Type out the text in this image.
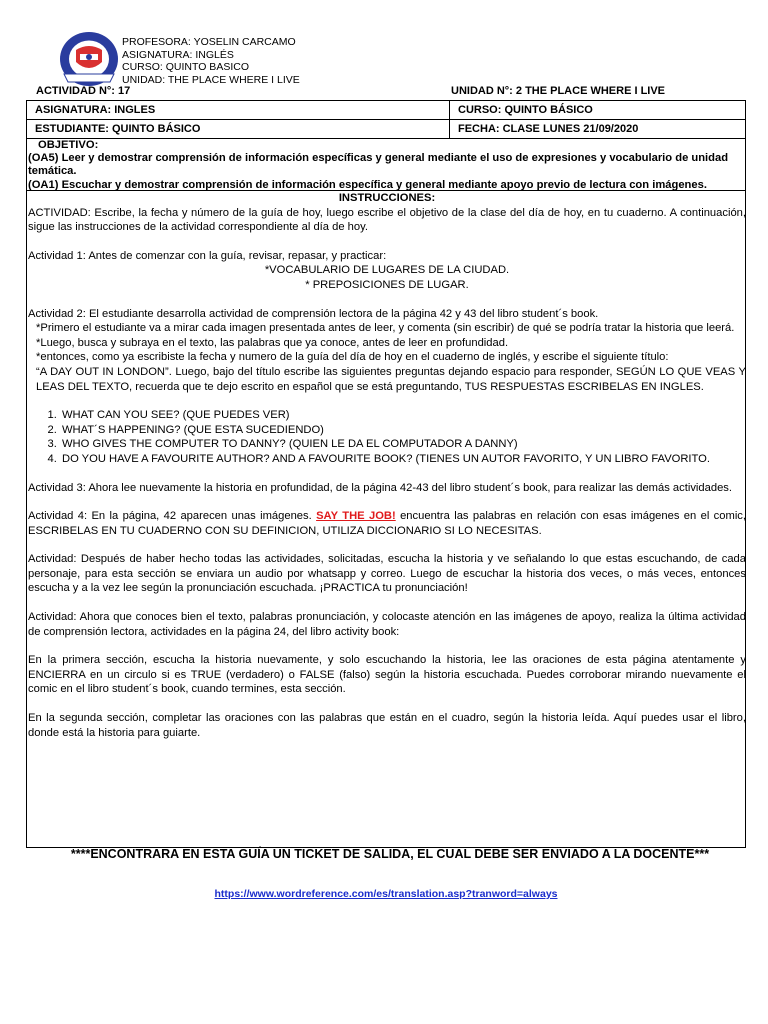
PROFESORA: YOSELIN CARCAMO
ASIGNATURA: INGLÉS
CURSO: QUINTO BASICO
UNIDAD: THE PLACE WHERE I LIVE
ACTIVIDAD N°: 17	UNIDAD N°: 2 THE PLACE WHERE I LIVE
ASIGNATURA: INGLES	CURSO: QUINTO BÁSICO
ESTUDIANTE: QUINTO BÁSICO	FECHA: CLASE LUNES 21/09/2020
OBJETIVO:
(OA5) Leer y demostrar comprensión de información específicas y general mediante el uso de expresiones y vocabulario de unidad temática.
(OA1) Escuchar y demostrar comprensión de información específica y general mediante apoyo previo de lectura con imágenes.

INSTRUCCIONES:

ACTIVIDAD: Escribe, la fecha y número de la guía de hoy, luego escribe el objetivo de la clase del día de hoy, en tu cuaderno. A continuación, sigue las instrucciones de la actividad correspondiente al día de hoy.

Actividad 1: Antes de comenzar con la guía, revisar, repasar, y practicar:

*VOCABULARIO DE LUGARES DE LA CIUDAD.

* PREPOSICIONES DE LUGAR.

Actividad 2: El estudiante desarrolla actividad de comprensión lectora de la página 42 y 43 del libro student´s book.

*Primero el estudiante va a mirar cada imagen presentada antes de leer, y comenta (sin escribir) de qué se podría tratar la historia que leerá.

*Luego, busca y subraya en el texto, las palabras que ya conoce, antes de leer en profundidad.

*entonces, como ya escribiste la fecha y numero de la guía del día de hoy en el cuaderno de inglés, y escribe el siguiente título:

“A DAY OUT IN LONDON”. Luego, bajo del título escribe las siguientes preguntas dejando espacio para responder, SEGÚN LO QUE VEAS Y LEAS DEL TEXTO, recuerda que te dejo escrito en español que se está preguntando, TUS RESPUESTAS ESCRIBELAS EN INGLES.

1. WHAT CAN YOU SEE? (QUE PUEDES VER)
2. WHAT´S HAPPENING? (QUE ESTA SUCEDIENDO)
3. WHO GIVES THE COMPUTER TO DANNY? (QUIEN LE DA EL COMPUTADOR A DANNY)
4. DO YOU HAVE A FAVOURITE AUTHOR? AND A FAVOURITE BOOK? (TIENES UN AUTOR FAVORITO, Y UN LIBRO FAVORITO.

Actividad 3: Ahora lee nuevamente la historia en profundidad, de la página 42-43 del libro student´s book, para realizar las demás actividades.

Actividad 4: En la página, 42 aparecen unas imágenes. SAY THE JOB! encuentra las palabras en relación con esas imágenes en el comic, ESCRIBELAS EN TU CUADERNO CON SU DEFINICION, UTILIZA DICCIONARIO SI LO NECESITAS.

Actividad: Después de haber hecho todas las actividades, solicitadas, escucha la historia y ve señalando lo que estas escuchando, de cada personaje, para esta sección se enviara un audio por whatsapp y correo. Luego de escuchar la historia dos veces, o más veces, entonces escucha y a la vez lee según la pronunciación escuchada. ¡PRACTICA tu pronunciación!

Actividad: Ahora que conoces bien el texto, palabras pronunciación, y colocaste atención en las imágenes de apoyo, realiza la última actividad de comprensión lectora, actividades en la página 24, del libro activity book:

En la primera sección, escucha la historia nuevamente, y solo escuchando la historia, lee las oraciones de esta página atentamente y ENCIERRA en un circulo si es TRUE (verdadero) o FALSE (falso) según la historia escuchada. Puedes corroborar mirando nuevamente el comic en el libro student´s book, cuando termines, esta sección.

En la segunda sección, completar las oraciones con las palabras que están en el cuadro, según la historia leída. Aquí puedes usar el libro, donde está la historia para guiarte.

****ENCONTRARA EN ESTA GUÍA UN TICKET DE SALIDA, EL CUAL DEBE SER ENVIADO A LA DOCENTE***
https://www.wordreference.com/es/translation.asp?tranword=always
